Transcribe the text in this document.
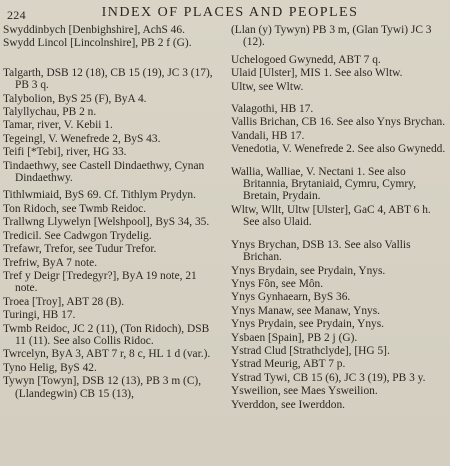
224	INDEX OF PLACES AND PEOPLES
Swyddinbych [Denbighshire], AchS 46.
Swydd Lincol [Lincolnshire], PB 2 f (G).
Talgarth, DSB 12 (18), CB 15 (19), JC 3 (17), PB 3 q.
Talybolion, ByS 25 (F), ByA 4.
Talyllychau, PB 2 n.
Tamar, river, V. Kebii 1.
Tegeingl, V. Wenefrede 2, ByS 43.
Teifi [*Tebi], river, HG 33.
Tindaethwy, see Castell Dindaethwy, Cynan Dindaethwy.
Tithlwmiaid, ByS 69. Cf. Tithlym Prydyn.
Ton Ridoch, see Twmb Reidoc.
Trallwng Llywelyn [Welshpool], ByS 34, 35.
Tredicil. See Cadwgon Trydelig.
Trefawr, Trefor, see Tudur Trefor.
Trefriw, ByA 7 note.
Tref y Deigr [Tredegyr?], ByA 19 note, 21 note.
Troea [Troy], ABT 28 (B).
Turingi, HB 17.
Twmb Reidoc, JC 2 (11), (Ton Ridoch), DSB 11 (11). See also Collis Ridoc.
Twrcelyn, ByA 3, ABT 7 r, 8 c, HL 1 d (var.).
Tyno Helig, ByS 42.
Tywyn [Towyn], DSB 12 (13), PB 3 m (C), (Llandegwin) CB 15 (13),
(Llan (y) Tywyn) PB 3 m, (Glan Tywi) JC 3 (12).
Uchelogoed Gwynedd, ABT 7 q.
Ulaid [Ulster], MIS 1. See also Wltw.
Ultw, see Wltw.
Valagothi, HB 17.
Vallis Brichan, CB 16. See also Ynys Brychan.
Vandali, HB 17.
Venedotia, V. Wenefrede 2. See also Gwynedd.
Wallia, Walliae, V. Nectani 1. See also Britannia, Brytaniaid, Cymru, Cymry, Bretain, Prydain.
Wltw, Wllt, Ultw [Ulster], GaC 4, ABT 6 h. See also Ulaid.
Ynys Brychan, DSB 13. See also Vallis Brichan.
Ynys Brydain, see Prydain, Ynys.
Ynys Fôn, see Môn.
Ynys Gynhaearn, ByS 36.
Ynys Manaw, see Manaw, Ynys.
Ynys Prydain, see Prydain, Ynys.
Ysbaen [Spain], PB 2 j (G).
Ystrad Clud [Strathclyde], [HG 5].
Ystrad Meurig, ABT 7 p.
Ystrad Tywi, CB 15 (6), JC 3 (19), PB 3 y.
Yswеilion, see Maes Ysweilion.
Yverddon, see Iwerddon.
